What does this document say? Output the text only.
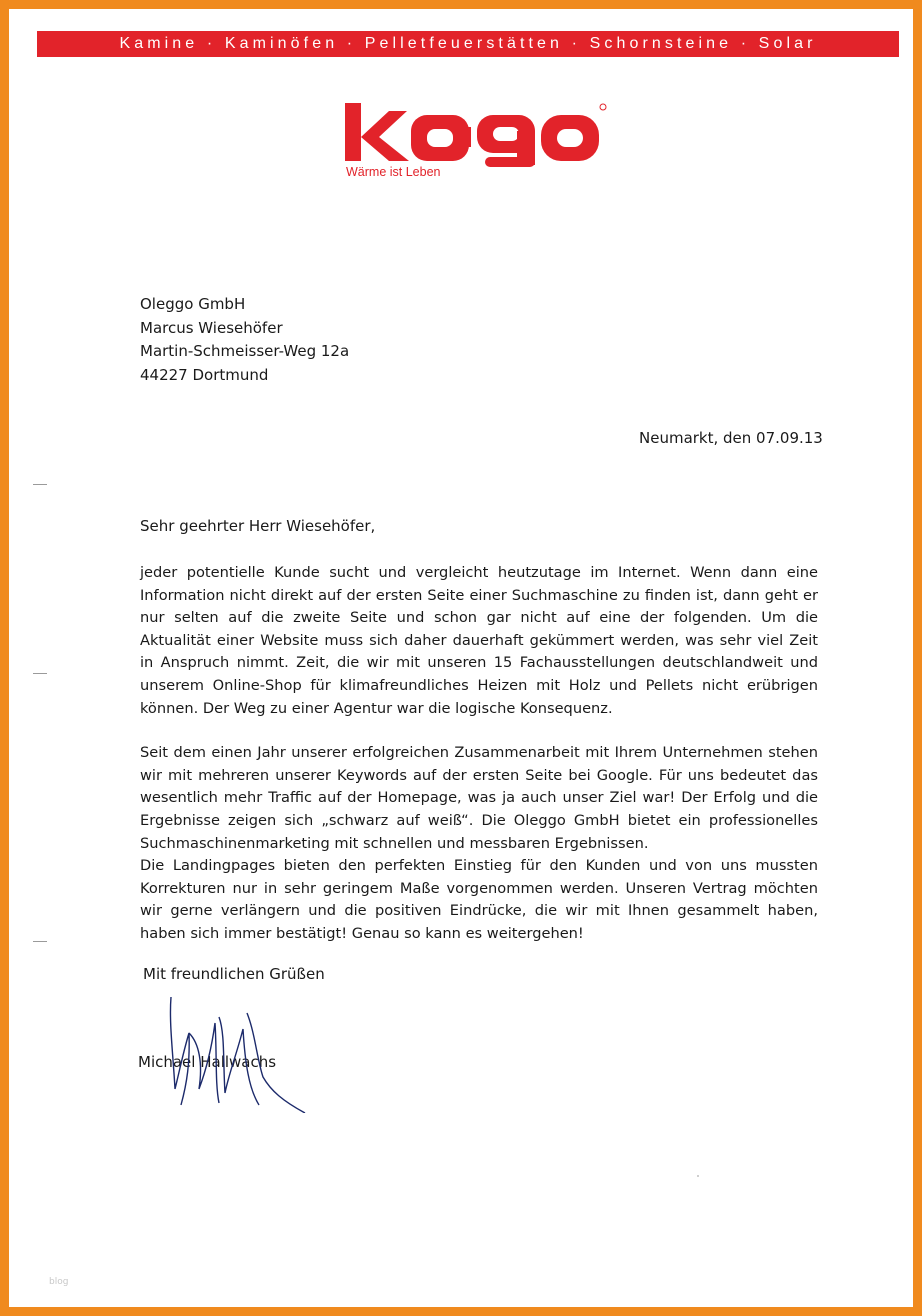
Kamine · Kaminöfen · Pelletfeuerstätten · Schornsteine · Solar
Wärme ist Leben
Oleggo GmbH
Marcus Wiesehöfer
Martin-Schmeisser-Weg 12a
44227 Dortmund
Neumarkt, den 07.09.13
Sehr geehrter Herr Wiesehöfer,

jeder potentielle Kunde sucht und vergleicht heutzutage im Internet. Wenn dann eine Information nicht direkt auf der ersten Seite einer Suchmaschine zu finden ist, dann geht er nur selten auf die zweite Seite und schon gar nicht auf eine der folgenden. Um die Aktualität einer Website muss sich daher dauerhaft gekümmert werden, was sehr viel Zeit in Anspruch nimmt. Zeit, die wir mit unseren 15 Fachausstellungen deutschlandweit und unserem Online-Shop für klimafreundliches Heizen mit Holz und Pellets nicht erübrigen können. Der Weg zu einer Agentur war die logische Konsequenz.

Seit dem einen Jahr unserer erfolgreichen Zusammenarbeit mit Ihrem Unternehmen stehen wir mit mehreren unserer Keywords auf der ersten Seite bei Google. Für uns bedeutet das wesentlich mehr Traffic auf der Homepage, was ja auch unser Ziel war! Der Erfolg und die Ergebnisse zeigen sich „schwarz auf weiß“. Die Oleggo GmbH bietet ein professionelles Suchmaschinenmarketing mit schnellen und messbaren Ergebnissen.

Die Landingpages bieten den perfekten Einstieg für den Kunden und von uns mussten Korrekturen nur in sehr geringem Maße vorgenommen werden. Unseren Vertrag möchten wir gerne verlängern und die positiven Eindrücke, die wir mit Ihnen gesammelt haben, haben sich immer bestätigt! Genau so kann es weitergehen!

Mit freundlichen Grüßen
Michael Hallwachs
blog
